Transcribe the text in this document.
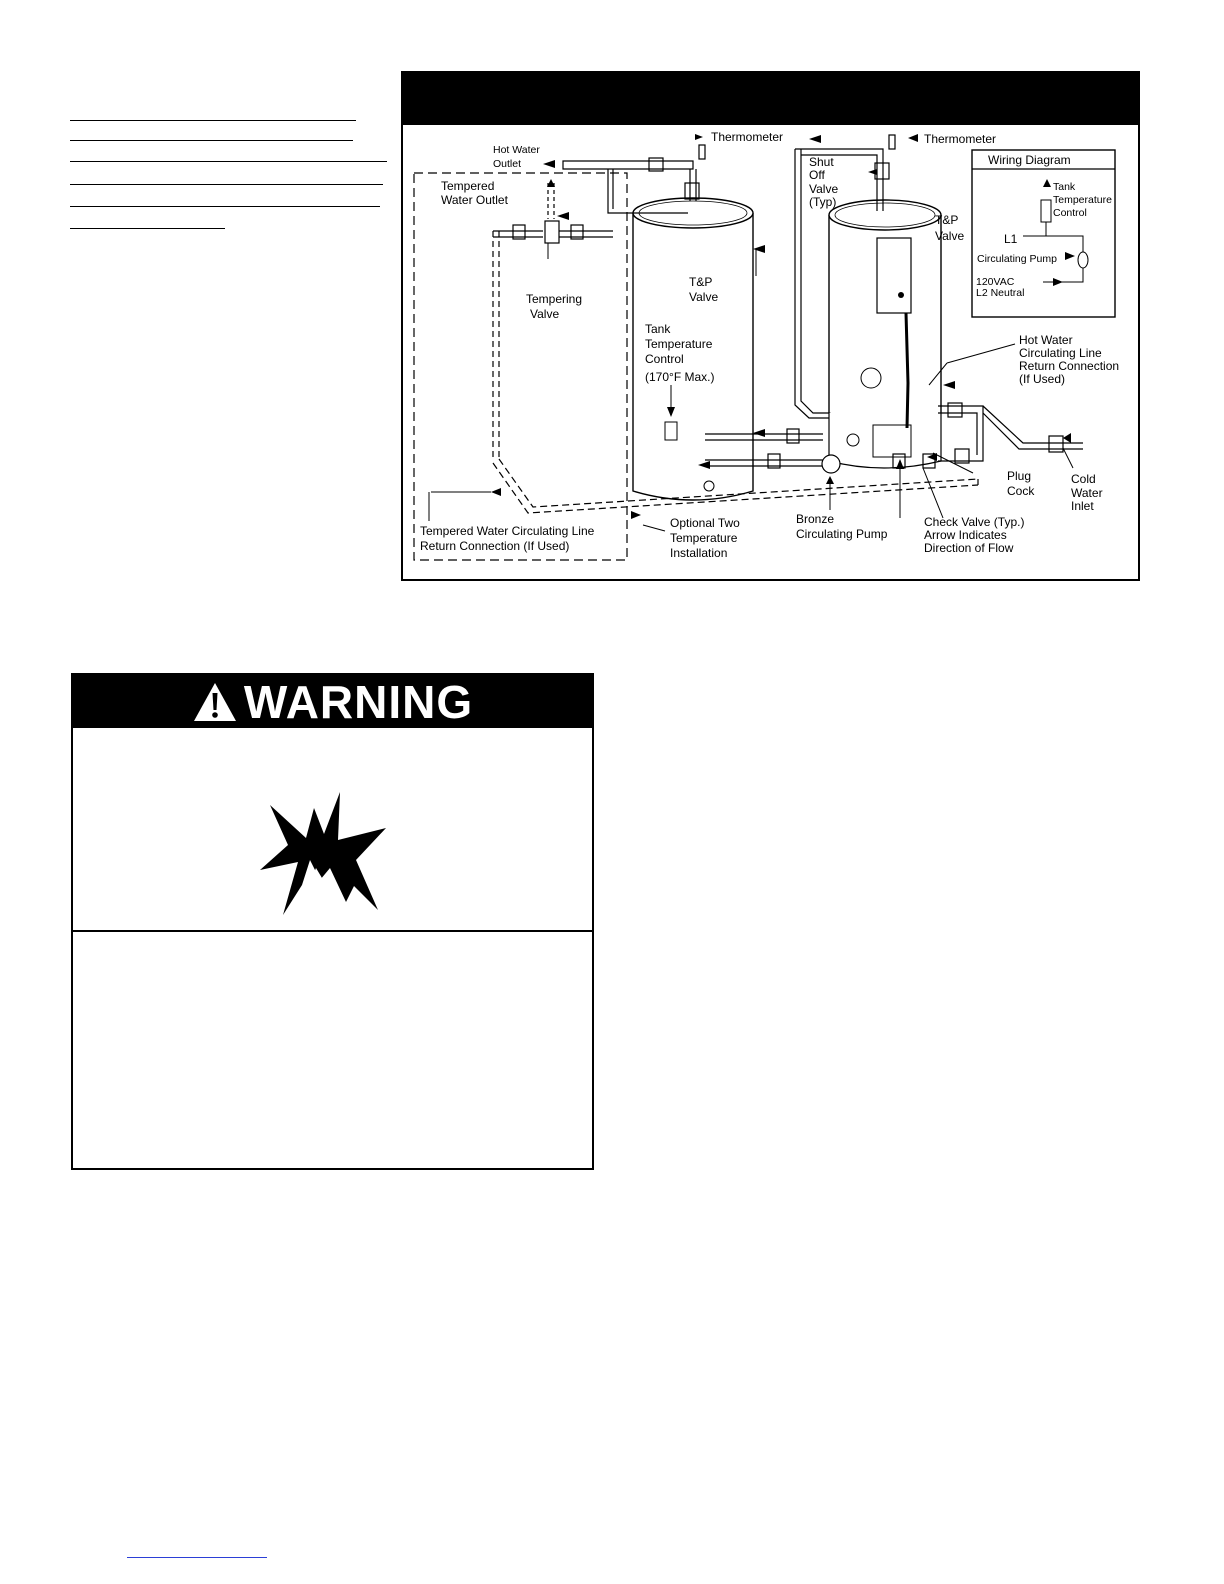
Hot Water
Outlet
Thermometer	Thermometer
Tempered
Water Outlet
Tempering
Valve
T&P
Valve
Tank
Temperature
Control
(170°F Max.)
Shut
Off
Valve
(Typ)
T&P
Valve
Hot Water
Circulating Line
Return Connection
(If Used)
Plug
Cock
Cold
Water
Inlet
Tempered Water Circulating Line
Return Connection (If Used)
Optional Two
Temperature
Installation
Bronze
Circulating Pump
Check Valve (Typ.)
Arrow Indicates
Direction of Flow
Wiring Diagram
Tank
Temperature
Control
L1
Circulating Pump
120VAC
L2 Neutral
WARNING
